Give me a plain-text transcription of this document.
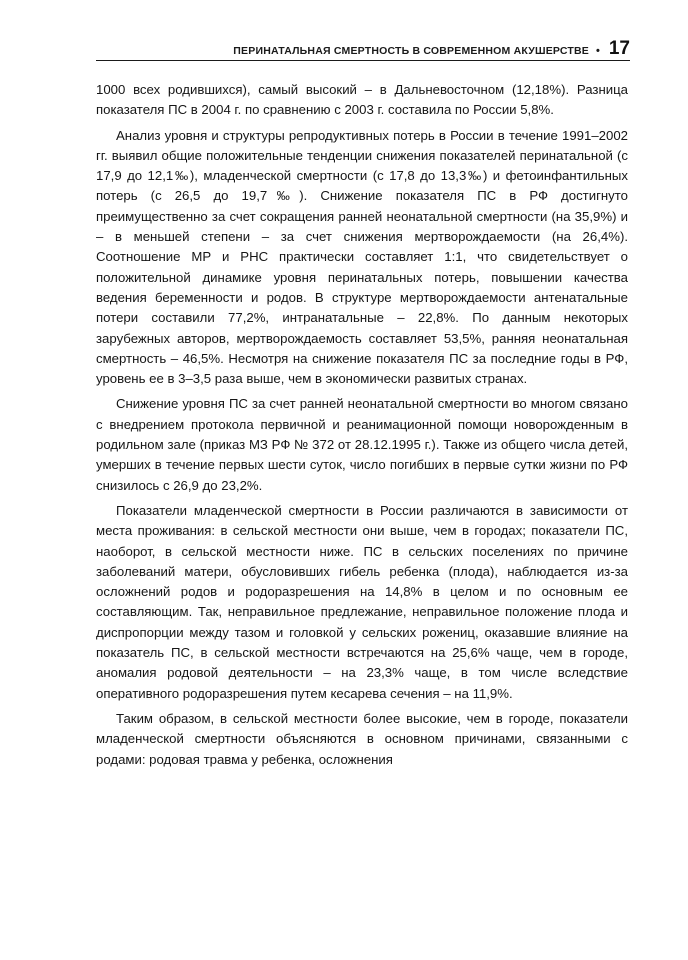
ПЕРИНАТАЛЬНАЯ СМЕРТНОСТЬ В СОВРЕМЕННОМ АКУШЕРСТВЕ • 17

1000 всех родившихся), самый высокий – в Дальневосточном (12,18%). Разница показателя ПС в 2004 г. по сравнению с 2003 г. составила по России 5,8%.

Анализ уровня и структуры репродуктивных потерь в России в течение 1991–2002 гг. выявил общие положительные тенденции снижения показателей перинатальной (с 17,9 до 12,1‰), младенческой смертности (с 17,8 до 13,3‰) и фетоинфантильных потерь (с 26,5 до 19,7‰). Снижение показателя ПС в РФ достигнуто преимущественно за счет сокращения ранней неонатальной смертности (на 35,9%) и – в меньшей степени – за счет снижения мертворождаемости (на 26,4%). Соотношение МР и РНС практически составляет 1:1, что свидетельствует о положительной динамике уровня перинатальных потерь, повышении качества ведения беременности и родов. В структуре мертворождаемости антенатальные потери составили 77,2%, интранатальные – 22,8%. По данным некоторых зарубежных авторов, мертворождаемость составляет 53,5%, ранняя неонатальная смертность – 46,5%. Несмотря на снижение показателя ПС за последние годы в РФ, уровень ее в 3–3,5 раза выше, чем в экономически развитых странах.

Снижение уровня ПС за счет ранней неонатальной смертности во многом связано с внедрением протокола первичной и реанимационной помощи новорожденным в родильном зале (приказ МЗ РФ № 372 от 28.12.1995 г.). Также из общего числа детей, умерших в течение первых шести суток, число погибших в первые сутки жизни по РФ снизилось с 26,9 до 23,2%.

Показатели младенческой смертности в России различаются в зависимости от места проживания: в сельской местности они выше, чем в городах; показатели ПС, наоборот, в сельской местности ниже. ПС в сельских поселениях по причине заболеваний матери, обусловивших гибель ребенка (плода), наблюдается из-за осложнений родов и родоразрешения на 14,8% в целом и по основным ее составляющим. Так, неправильное предлежание, неправильное положение плода и диспропорции между тазом и головкой у сельских рожениц, оказавшие влияние на показатель ПС, в сельской местности встречаются на 25,6% чаще, чем в городе, аномалия родовой деятельности – на 23,3% чаще, в том числе вследствие оперативного родоразрешения путем кесарева сечения – на 11,9%.

Таким образом, в сельской местности более высокие, чем в городе, показатели младенческой смертности объясняются в основном причинами, связанными с родами: родовая травма у ребенка, осложнения
